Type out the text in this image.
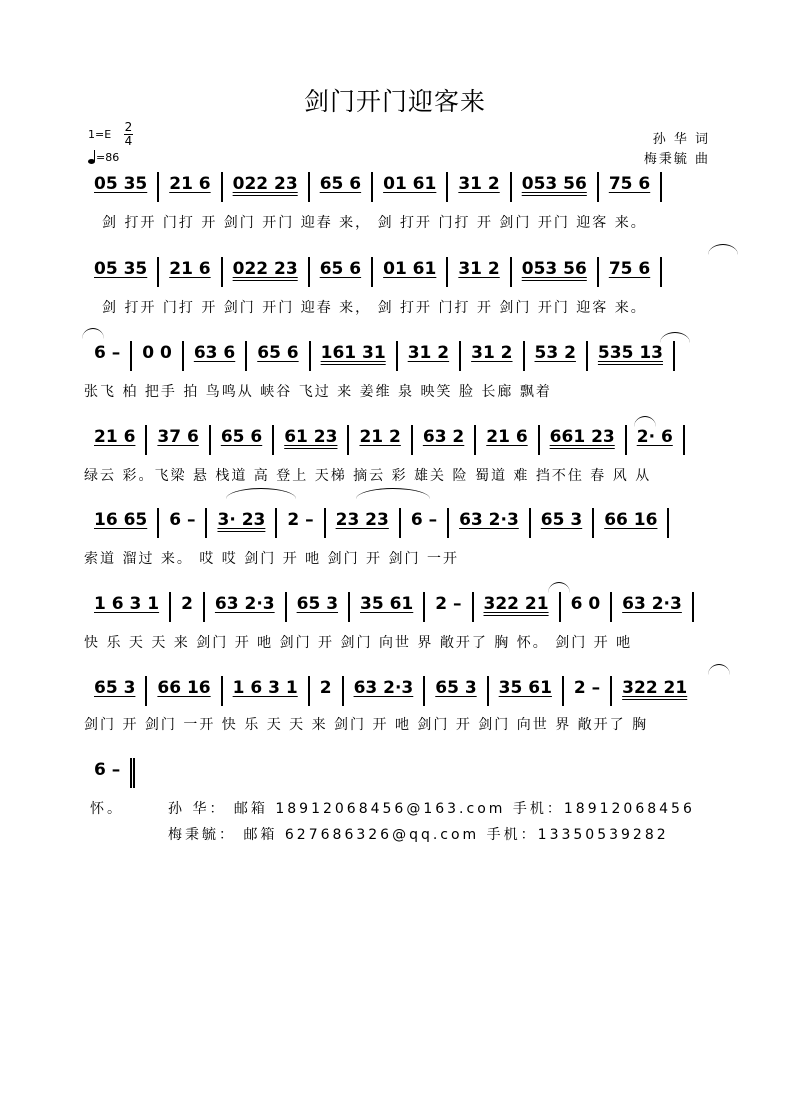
剑门开门迎客来
1=E
2
4
=86
孙 华 词
梅秉毓 曲
05 35 21 6 022 23 65 6 01 61 31 2 053 56 75 6
剑 打开 门打 开 剑门 开门 迎春 来， 剑 打开 门打 开 剑门 开门 迎客 来。
05 35 21 6 022 23 65 6 01 61 31 2 053 56 75 6
剑 打开 门打 开 剑门 开门 迎春 来， 剑 打开 门打 开 剑门 开门 迎客 来。
6 – 0 0 63 6 65 6 161 31 31 2 31 2 53 2 535 13
张飞 柏 把手 拍 鸟鸣从 峡谷 飞过 来 姜维 泉 映笑 脸 长廊 飘着
21 6 37 6 65 6 61 23 21 2 63 2 21 6 661 23 2· 6
绿云 彩。飞梁 悬 栈道 高 登上 天梯 摘云 彩 雄关 险 蜀道 难 挡不住 春 风 从
16 65 6 – 3· 23 2 – 23 23 6 – 63 2·3 65 3 66 16
索道 溜过 来。 哎 哎 剑门 开 吔 剑门 开 剑门 一开
1 6 3 1 2 63 2·3 65 3 35 61 2 – 322 21 6 0 63 2·3
快 乐 天 天 来 剑门 开 吔 剑门 开 剑门 向世 界 敞开了 胸 怀。 剑门 开 吔
65 3 66 16 1 6 3 1 2 63 2·3 65 3 35 61 2 – 322 21
剑门 开 剑门 一开 快 乐 天 天 来 剑门 开 吔 剑门 开 剑门 向世 界 敞开了 胸
6 –
怀。	孙 华： 邮箱 18912068456@163.com 手机：18912068456
梅秉毓： 邮箱 627686326@qq.com 手机：13350539282
